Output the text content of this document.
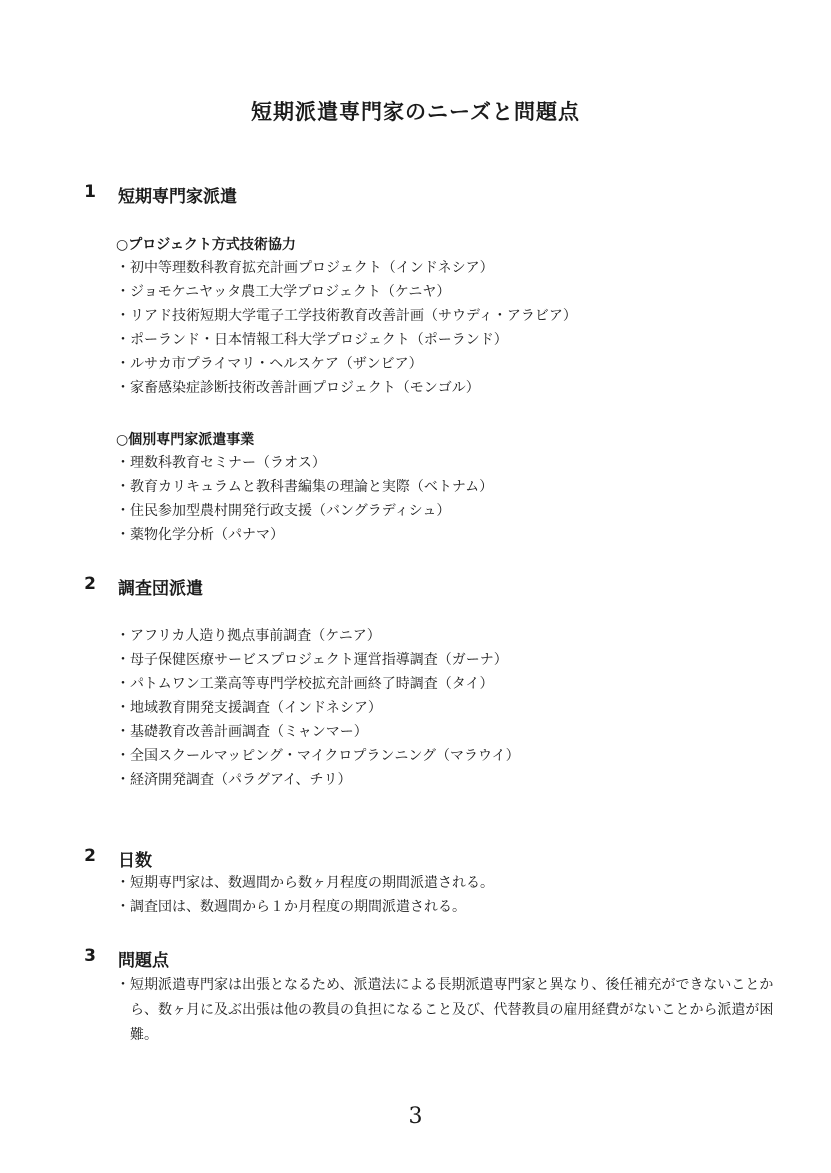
短期派遣専門家のニーズと問題点
1 短期専門家派遣
○プロジェクト方式技術協力
・初中等理数科教育拡充計画プロジェクト（インドネシア）
・ジョモケニヤッタ農工大学プロジェクト（ケニヤ）
・リアド技術短期大学電子工学技術教育改善計画（サウディ・アラビア）
・ポーランド・日本情報工科大学プロジェクト（ポーランド）
・ルサカ市プライマリ・ヘルスケア（ザンビア）
・家畜感染症診断技術改善計画プロジェクト（モンゴル）
○個別専門家派遣事業
・理数科教育セミナー（ラオス）
・教育カリキュラムと教科書編集の理論と実際（ベトナム）
・住民参加型農村開発行政支援（バングラディシュ）
・薬物化学分析（パナマ）
2 調査団派遣
・アフリカ人造り拠点事前調査（ケニア）
・母子保健医療サービスプロジェクト運営指導調査（ガーナ）
・パトムワン工業高等専門学校拡充計画終了時調査（タイ）
・地域教育開発支援調査（インドネシア）
・基礎教育改善計画調査（ミャンマー）
・全国スクールマッピング・マイクロプランニング（マラウイ）
・経済開発調査（パラグアイ、チリ）
2 日数
・短期専門家は、数週間から数ヶ月程度の期間派遣される。
・調査団は、数週間から１か月程度の期間派遣される。
3 問題点

・短期派遣専門家は出張となるため、派遣法による長期派遣専門家と異なり、後任補充ができないことから、数ヶ月に及ぶ出張は他の教員の負担になること及び、代替教員の雇用経費がないことから派遣が困難。

3
